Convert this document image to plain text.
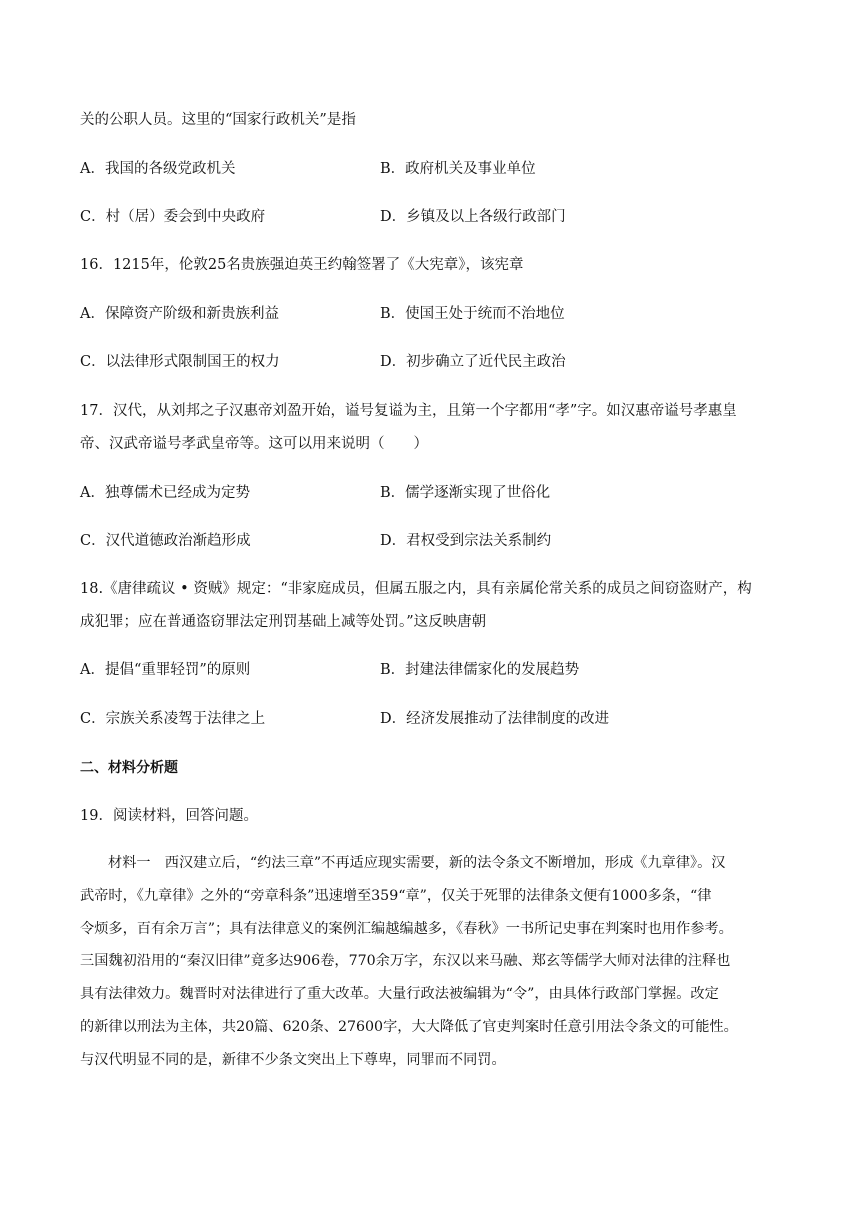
关的公职人员。这里的“国家行政机关”是指
A．我国的各级党政机关	B．政府机关及事业单位
C．村（居）委会到中央政府	D．乡镇及以上各级行政部门
16．1215年，伦敦25名贵族强迫英王约翰签署了《大宪章》，该宪章
A．保障资产阶级和新贵族利益	B．使国王处于统而不治地位
C．以法律形式限制国王的权力	D．初步确立了近代民主政治
17．汉代，从刘邦之子汉惠帝刘盈开始，谥号复谥为主，且第一个字都用“孝”字。如汉惠帝谥号孝惠皇
帝、汉武帝谥号孝武皇帝等。这可以用来说明（　　）
A．独尊儒术已经成为定势	B．儒学逐渐实现了世俗化
C．汉代道德政治渐趋形成	D．君权受到宗法关系制约
18.《唐律疏议 • 资贼》规定：“非家庭成员，但属五服之内，具有亲属伦常关系的成员之间窃盗财产，构
成犯罪；应在普通盗窃罪法定刑罚基础上减等处罚。”这反映唐朝
A．提倡“重罪轻罚”的原则	B．封建法律儒家化的发展趋势
C．宗族关系凌驾于法律之上	D．经济发展推动了法律制度的改进
二、材料分析题
19．阅读材料，回答问题。
材料一　西汉建立后，“约法三章”不再适应现实需要，新的法令条文不断增加，形成《九章律》。汉
武帝时，《九章律》之外的“旁章科条”迅速增至359“章”，仅关于死罪的法律条文便有1000多条，“律
令烦多，百有余万言”；具有法律意义的案例汇编越编越多，《春秋》一书所记史事在判案时也用作参考。
三国魏初沿用的“秦汉旧律”竟多达906卷，770余万字，东汉以来马融、郑玄等儒学大师对法律的注释也
具有法律效力。魏晋时对法律进行了重大改革。大量行政法被编辑为“令”，由具体行政部门掌握。改定
的新律以刑法为主体，共20篇、620条、27600字，大大降低了官吏判案时任意引用法令条文的可能性。
与汉代明显不同的是，新律不少条文突出上下尊卑，同罪而不同罚。
